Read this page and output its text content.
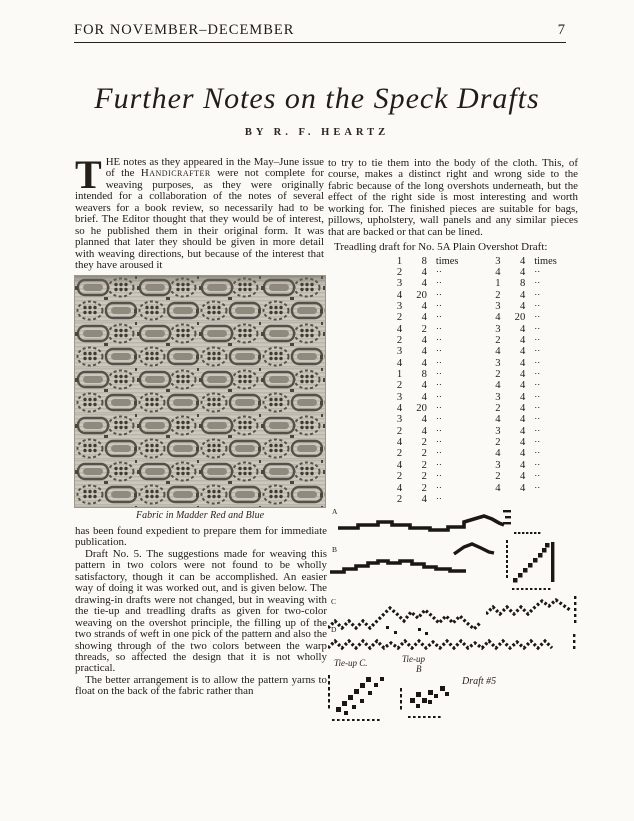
FOR NOVEMBER–DECEMBER	7
Further Notes on the Speck Drafts
BY R. F. HEARTZ

THE notes as they appeared in the May–June issue of the Handicrafter were not complete for weaving purposes, as they were originally intended for a collaboration of the notes of several weavers for a book review, so necessarily had to be brief. The Editor thought that they would be of interest, so he published them in their original form. It was planned that later they should be given in more detail with weaving directions, but because of the interest that they have aroused it

Fabric in Madder Red and Blue

has been found expedient to prepare them for immediate publication.

Draft No. 5. The suggestions made for weaving this pattern in two colors were not found to be wholly satisfactory, though it can be accomplished. An easier way of doing it was worked out, and is given below. The drawing-in drafts were not changed, but in weaving with the tie-up and treadling drafts as given for two-color weaving on the overshot principle, the filling up of the two strands of weft in one pick of the pattern and also the showing through of the two colors between the warp threads, so affected the design that it is not wholly practical.

The better arrangement is to allow the pattern yarns to float on the back of the fabric rather than

to try to tie them into the body of the cloth. This, of course, makes a distinct right and wrong side to the fabric because of the long overshots underneath, but the effect of the right side is most interesting and worth working for. The finished pieces are suitable for bags, pillows, upholstery, wall panels and any similar pieces that are backed or that can be lined.

Treadling draft for No. 5A Plain Overshot Draft:
1	8 times	3	4 times
2	4	‥	4	4	‥
3	4	‥	1	8	‥
4	20	‥	2	4	‥
3	4	‥	3	4	‥
2	4	‥	4	20	‥
4	2	‥	3	4	‥
2	4	‥	2	4	‥
3	4	‥	4	4	‥
4	4	‥	3	4	‥
1	8	‥	2	4	‥
2	4	‥	4	4	‥
3	4	‥	3	4	‥
4	20	‥	2	4	‥
3	4	‥	4	4	‥
2	4	‥	3	4	‥
4	2	‥	2	4	‥
2	2	‥	4	4	‥
4	2	‥	3	4	‥
2	2	‥	2	4	‥
4	2	‥	4	4	‥
2	4	‥
A
B
C
D
Tie-up C.	Tie-up
B
Draft #5
